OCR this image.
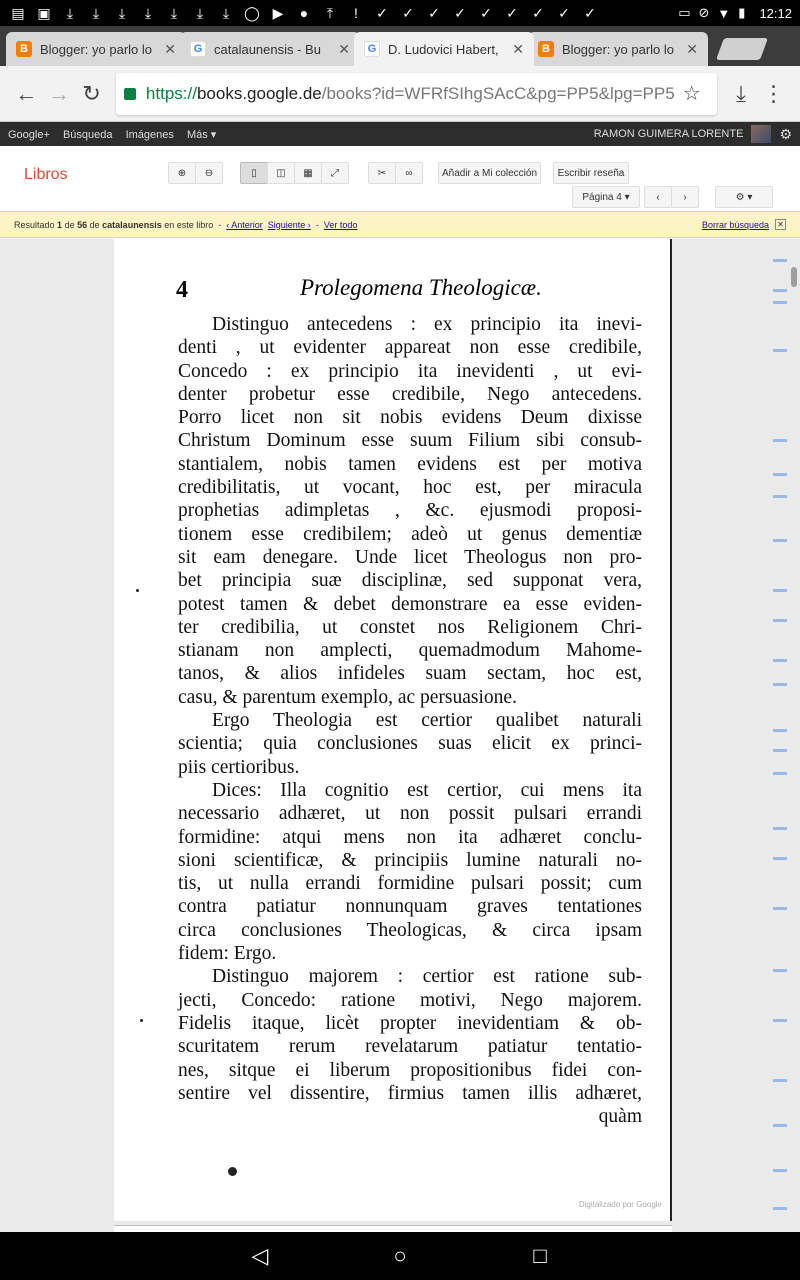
▤ ▣	⤓	⤓	⤓	⤓	⤓	⤓	⤓	◯ ▶	●	⤒	!	✓ ✓ ✓ ✓ ✓ ✓ ✓ ✓ ✓	▭ ⊘ ▼ ▮ 12:12
B Blogger: yo parlo lo ✕	G catalaunensis - Bu	✕	G D. Ludovici Habert, ✕	B Blogger: yo parlo lo ✕
← → ↻	https://books.google.de/books?id=WFRfSIhgSAcC&pg=PP5&lpg=PP5 ☆	⤓ ⋮
Google+ Búsqueda Imágenes Más ▾	RAMON GUIMERA LORENTE	⚙
Libros	⊕	⊖	▯	◫	▦	⤢	✂	∞	Añadir a Mi colección	Escribir reseña
Página 4 ▾	‹	›	⚙ ▾
Resultado 1 de 56 de catalaunensis en este libro  -  ‹ Anterior Siguiente ›  -  Ver todo	Borrar búsqueda ✕
4	Prolegomena Theologicæ.
Distinguo antecedens : ex principio ita inevi-
denti , ut evidenter appareat non esse credibile,
Concedo : ex principio ita inevidenti , ut evi-
denter probetur esse credibile, Nego antecedens.
Porro licet non sit nobis evidens Deum dixisse
Christum Dominum esse suum Filium sibi consub-
stantialem, nobis tamen evidens est per motiva
credibilitatis, ut vocant, hoc est, per miracula
prophetias adimpletas , &c. ejusmodi proposi-
tionem esse credibilem; adeò ut genus dementiæ
sit eam denegare. Unde licet Theologus non pro-
bet principia suæ disciplinæ, sed supponat vera,
potest tamen & debet demonstrare ea esse eviden-
ter credibilia, ut constet nos Religionem Chri-
stianam non amplecti, quemadmodum Mahome-
tanos, & alios infideles suam sectam, hoc est,
casu, & parentum exemplo, ac persuasione.
Ergo Theologia est certior qualibet naturali
scientia; quia conclusiones suas elicit ex princi-
piis certioribus.
Dices: Illa cognitio est certior, cui mens ita
necessario adhæret, ut non possit pulsari errandi
formidine: atqui mens non ita adhæret conclu-
sioni scientificæ, & principiis lumine naturali no-
tis, ut nulla errandi formidine pulsari possit; cum
contra patiatur nonnunquam graves tentationes
circa conclusiones Theologicas, & circa ipsam
fidem: Ergo.
Distinguo majorem : certior est ratione sub-
jecti, Concedo: ratione motivi, Nego majorem.
Fidelis itaque, licèt propter inevidentiam & ob-
scuritatem rerum revelatarum patiatur tentatio-
nes, sitque ei liberum propositionibus fidei con-
sentire vel dissentire, firmius tamen illis adhæret,
quàm
Digitalizado por Google
◁	○	□
